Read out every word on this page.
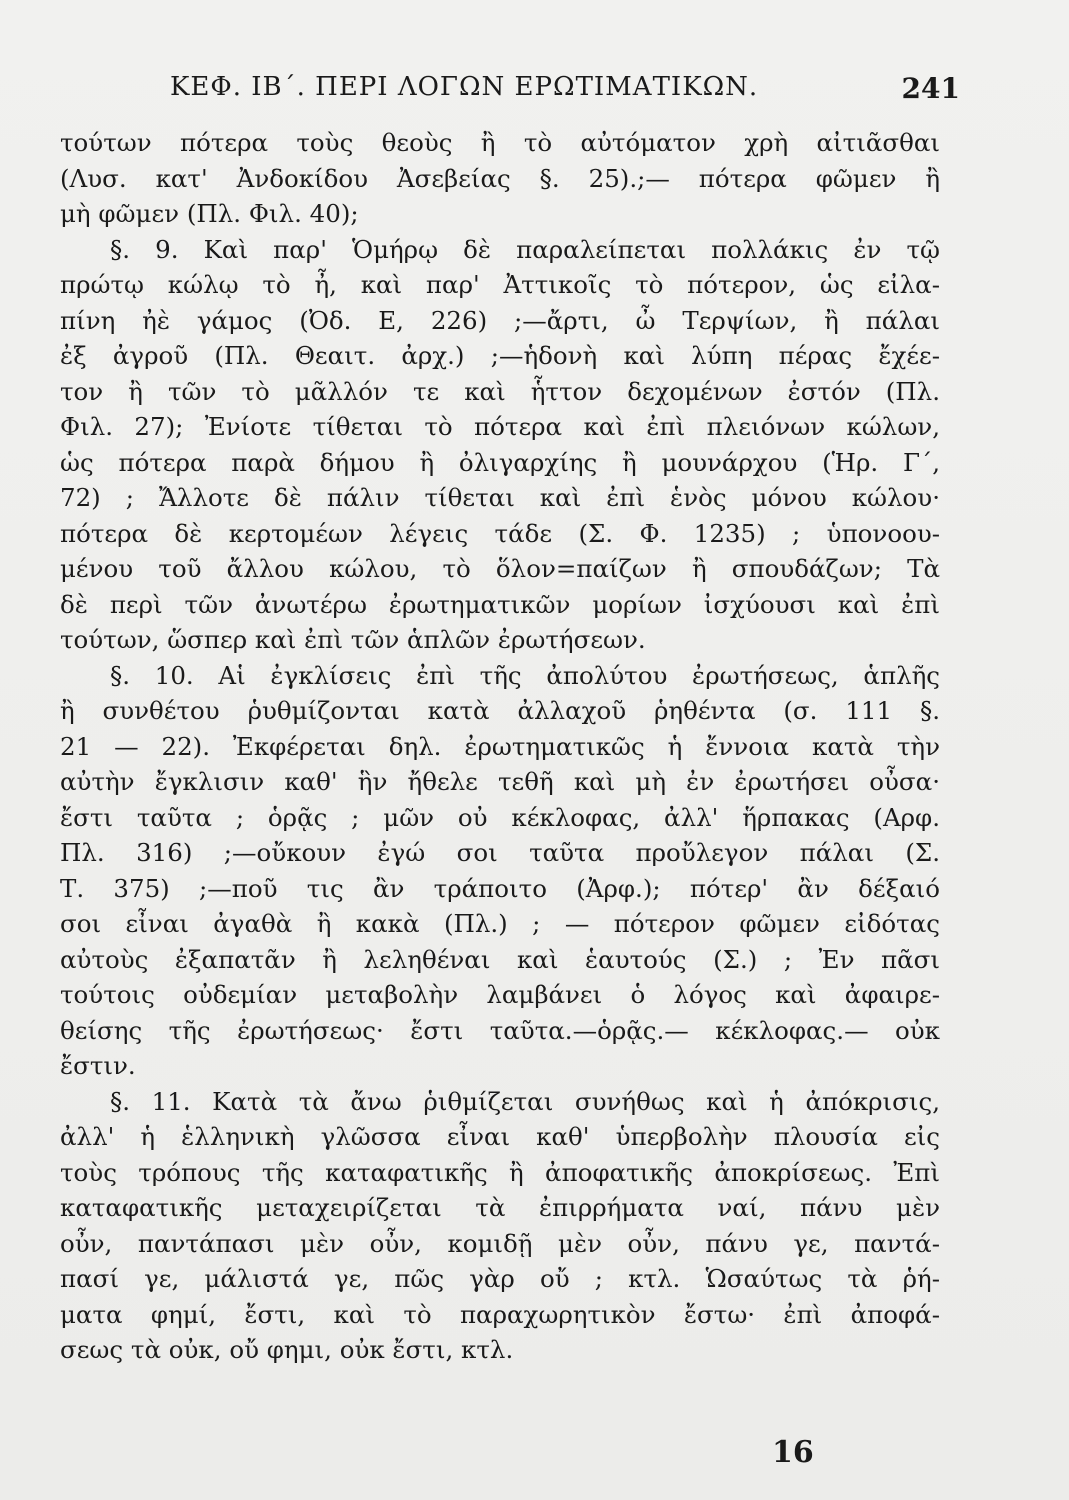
ΚΕΦ. ΙΒ΄. ΠΕΡΙ ΛΟΓΩΝ ΕΡΩΤΙΜΑΤΙΚΩΝ.	241
τούτων πότερα τοὺς θεοὺς ἢ τὸ αὐτόματον χρὴ αἰτιᾶσθαι
(Λυσ. κατ' Ἀνδοκίδου Ἀσεβείας §. 25).;— πότερα φῶμεν ἢ
μὴ φῶμεν (Πλ. Φιλ. 40);
§. 9. Καὶ παρ' Ὁμήρῳ δὲ παραλείπεται πολλάκις ἐν τῷ
πρώτῳ κώλῳ τὸ ἦ, καὶ παρ' Ἀττικοῖς τὸ πότερον, ὡς εἰλα-
πίνη ἠὲ γάμος (Ὀδ. Ε, 226) ;—ἄρτι, ὦ Τερψίων, ἢ πάλαι
ἐξ ἀγροῦ (Πλ. Θεαιτ. ἀρχ.) ;—ἡδονὴ καὶ λύπη πέρας ἔχέε-
τον ἢ τῶν τὸ μᾶλλόν τε καὶ ἧττον δεχομένων ἐστόν (Πλ.
Φιλ. 27); Ἐνίοτε τίθεται τὸ πότερα καὶ ἐπὶ πλειόνων κώλων,
ὡς πότερα παρὰ δήμου ἢ ὀλιγαρχίης ἢ μουνάρχου (Ἡρ. Γ΄,
72) ; Ἄλλοτε δὲ πάλιν τίθεται καὶ ἐπὶ ἑνὸς μόνου κώλου·
πότερα δὲ κερτομέων λέγεις τάδε (Σ. Φ. 1235) ; ὑπονοου-
μένου τοῦ ἄλλου κώλου, τὸ ὅλον=παίζων ἢ σπουδάζων; Τὰ
δὲ περὶ τῶν ἀνωτέρω ἐρωτηματικῶν μορίων ἰσχύουσι καὶ ἐπὶ
τούτων, ὥσπερ καὶ ἐπὶ τῶν ἁπλῶν ἐρωτήσεων.
§. 10. Αἱ ἐγκλίσεις ἐπὶ τῆς ἀπολύτου ἐρωτήσεως, ἁπλῆς
ἢ συνθέτου ῥυθμίζονται κατὰ ἀλλαχοῦ ῥηθέντα (σ. 111 §.
21 — 22). Ἐκφέρεται δηλ. ἐρωτηματικῶς ἡ ἔννοια κατὰ τὴν
αὐτὴν ἔγκλισιν καθ' ἣν ἤθελε τεθῆ καὶ μὴ ἐν ἐρωτήσει οὖσα·
ἔστι ταῦτα ; ὁρᾷς ; μῶν οὐ κέκλοφας, ἀλλ' ἥρπακας (Αρφ.
Πλ. 316) ;—οὔκουν ἐγώ σοι ταῦτα προὔλεγον πάλαι (Σ.
Τ. 375) ;—ποῦ τις ἂν τράποιτο (Ἀρφ.); πότερ' ἂν δέξαιό
σοι εἶναι ἀγαθὰ ἢ κακὰ (Πλ.) ; — πότερον φῶμεν εἰδότας
αὐτοὺς ἐξαπατᾶν ἢ λεληθέναι καὶ ἑαυτούς (Σ.) ; Ἐν πᾶσι
τούτοις οὐδεμίαν μεταβολὴν λαμβάνει ὁ λόγος καὶ ἀφαιρε-
θείσης τῆς ἐρωτήσεως· ἔστι ταῦτα.—ὁρᾷς.— κέκλοφας.— οὐκ
ἔστιν.
§. 11. Κατὰ τὰ ἄνω ῥιθμίζεται συνήθως καὶ ἡ ἀπόκρισις,
ἀλλ' ἡ ἑλληνικὴ γλῶσσα εἶναι καθ' ὑπερβολὴν πλουσία εἰς
τοὺς τρόπους τῆς καταφατικῆς ἢ ἀποφατικῆς ἀποκρίσεως. Ἐπὶ
καταφατικῆς μεταχειρίζεται τὰ ἐπιρρήματα ναί, πάνυ μὲν
οὖν, παντάπασι μὲν οὖν, κομιδῇ μὲν οὖν, πάνυ γε, παντά-
πασί γε, μάλιστά γε, πῶς γὰρ οὔ ; κτλ. Ὡσαύτως τὰ ῥή-
ματα φημί, ἔστι, καὶ τὸ παραχωρητικὸν ἔστω· ἐπὶ ἀποφά-
σεως τὰ οὐκ, οὔ φημι, οὐκ ἔστι, κτλ.
16
